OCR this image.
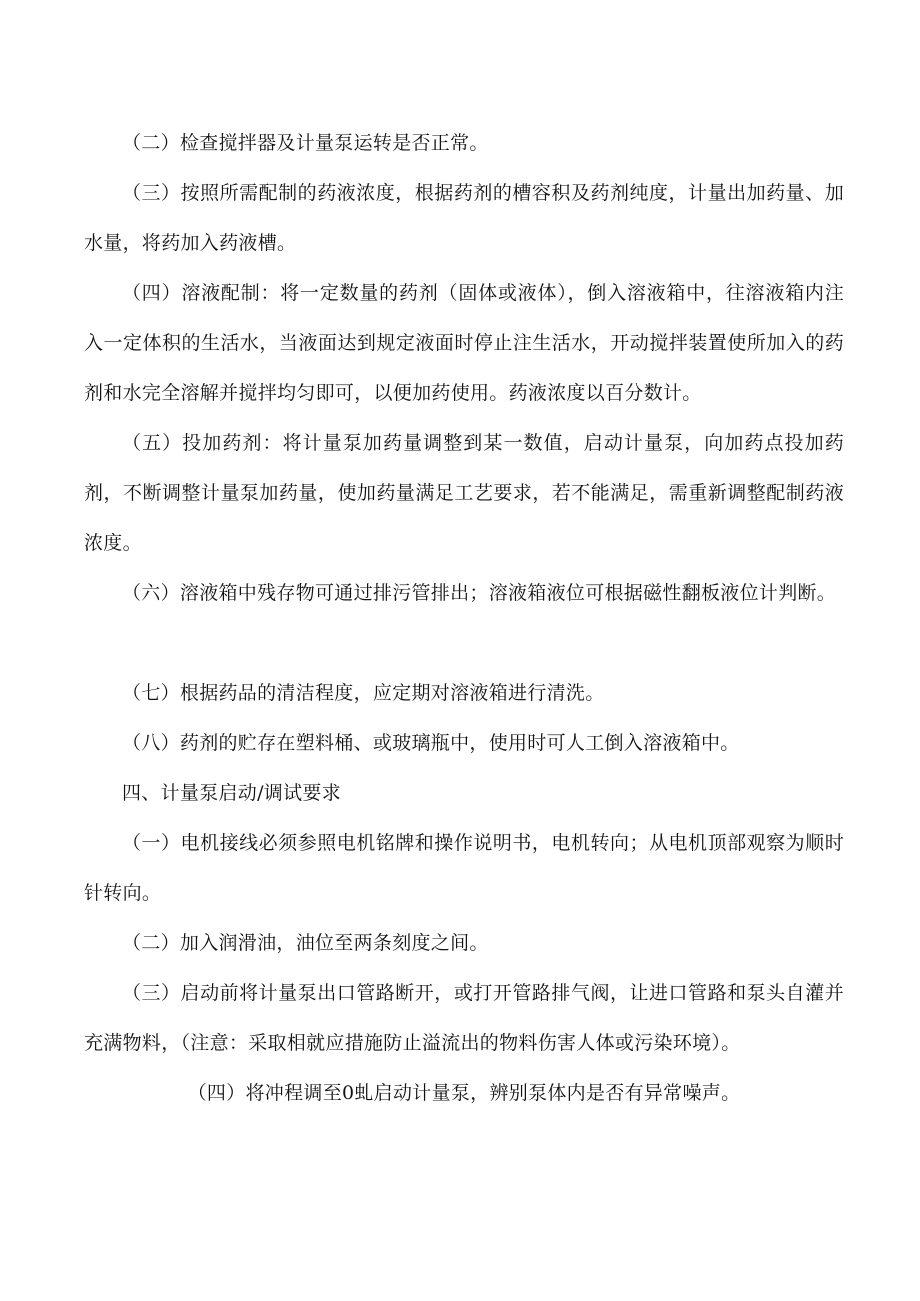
（二）检查搅拌器及计量泵运转是否正常。

（三）按照所需配制的药液浓度，根据药剂的槽容积及药剂纯度，计量出加药量、加水量，将药加入药液槽。

（四）溶液配制：将一定数量的药剂（固体或液体），倒入溶液箱中，往溶液箱内注入一定体积的生活水，当液面达到规定液面时停止注生活水，开动搅拌装置使所加入的药剂和水完全溶解并搅拌均匀即可，以便加药使用。药液浓度以百分数计。

（五）投加药剂：将计量泵加药量调整到某一数值，启动计量泵，向加药点投加药剂，不断调整计量泵加药量，使加药量满足工艺要求，若不能满足，需重新调整配制药液浓度。

（六）溶液箱中残存物可通过排污管排出；溶液箱液位可根据磁性翻板液位计判断。

（七）根据药品的清洁程度，应定期对溶液箱进行清洗。

（八）药剂的贮存在塑料桶、或玻璃瓶中，使用时可人工倒入溶液箱中。

四、计量泵启动/调试要求

（一）电机接线必须参照电机铭牌和操作说明书，电机转向；从电机顶部观察为顺时针转向。

（二）加入润滑油，油位至两条刻度之间。

（三）启动前将计量泵出口管路断开，或打开管路排气阀，让进口管路和泵头自灌并充满物料，（注意：采取相就应措施防止溢流出的物料伤害人体或污染环境）。

（四）将冲程调至0虬启动计量泵，辨别泵体内是否有异常噪声。
